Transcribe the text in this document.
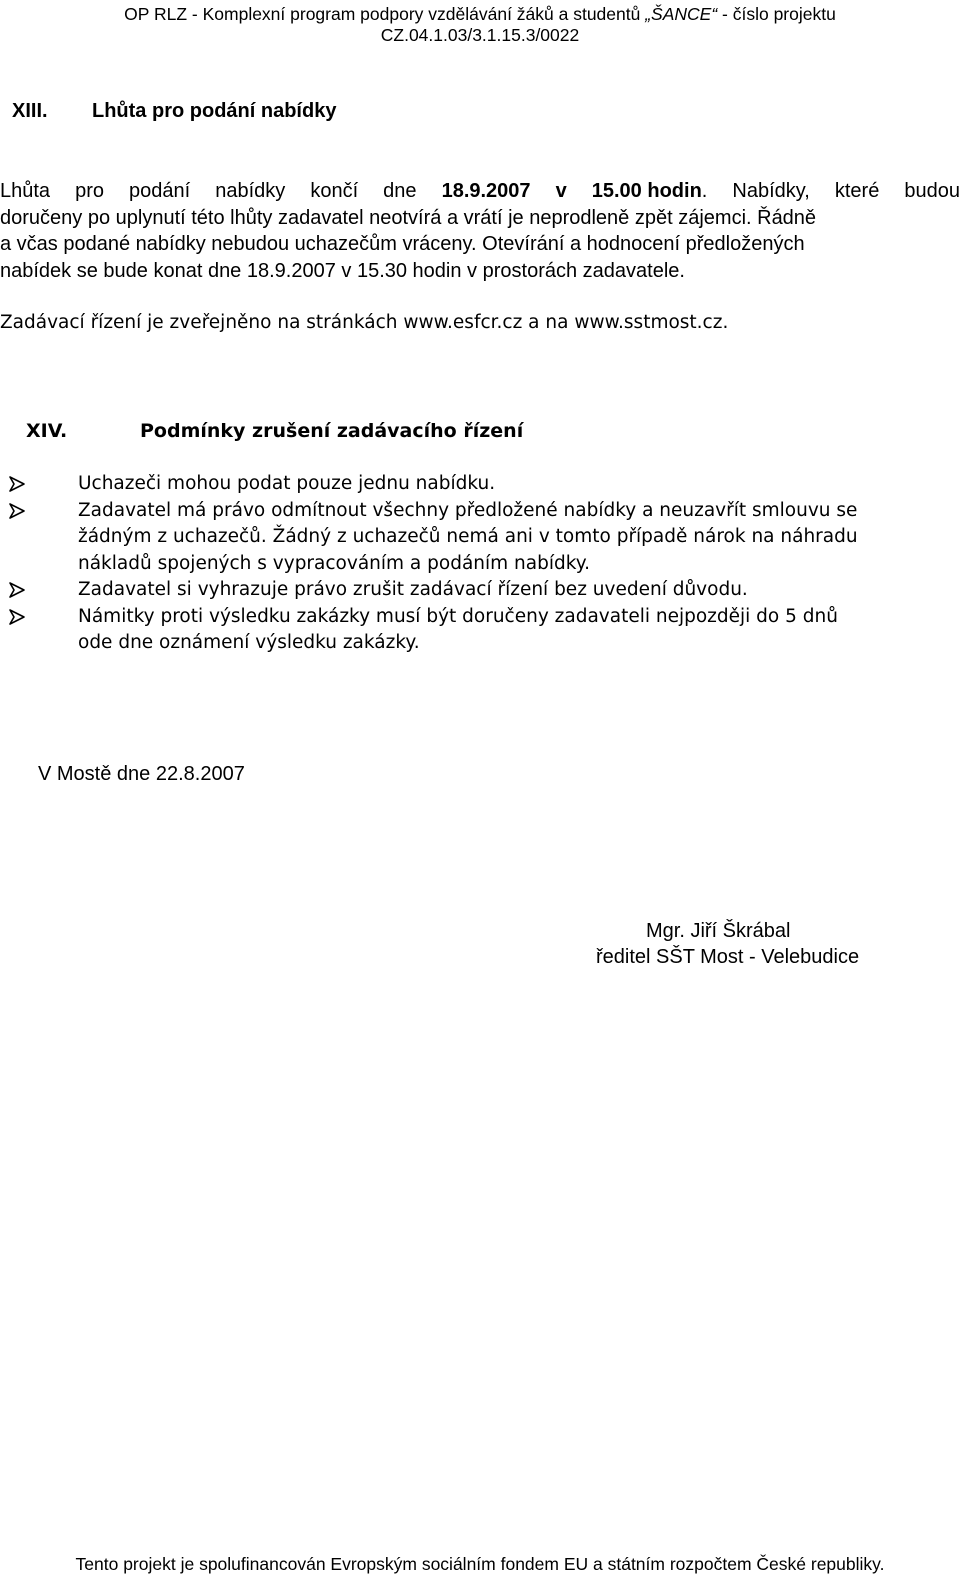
OP RLZ - Komplexní program podpory vzdělávání žáků a studentů „ŠANCE“ - číslo projektu
CZ.04.1.03/3.1.15.3/0022
XIII. Lhůta pro podání nabídky
Lhůta pro podání nabídky končí dne 18.9.2007 v 15.00 hodin. Nabídky, které budou
doručeny po uplynutí této lhůty zadavatel neotvírá a vrátí je neprodleně zpět zájemci. Řádně
a včas podané nabídky nebudou uchazečům vráceny. Otevírání a hodnocení předložených
nabídek se bude konat dne 18.9.2007 v 15.30 hodin v prostorách zadavatele.
Zadávací řízení je zveřejněno na stránkách www.esfcr.cz a na www.sstmost.cz.
XIV.	Podmínky zrušení zadávacího řízení
Uchazeči mohou podat pouze jednu nabídku.
Zadavatel má právo odmítnout všechny předložené nabídky a neuzavřít smlouvu se
žádným z uchazečů. Žádný z uchazečů nemá ani v tomto případě nárok na náhradu
nákladů spojených s vypracováním a podáním nabídky.
Zadavatel si vyhrazuje právo zrušit zadávací řízení bez uvedení důvodu.
Námitky proti výsledku zakázky musí být doručeny zadavateli nejpozději do 5 dnů
ode dne oznámení výsledku zakázky.
V Mostě dne 22.8.2007
Mgr. Jiří Škrábal
ředitel SŠT Most - Velebudice
Tento projekt je spolufinancován Evropským sociálním fondem EU a státním rozpočtem České republiky.
